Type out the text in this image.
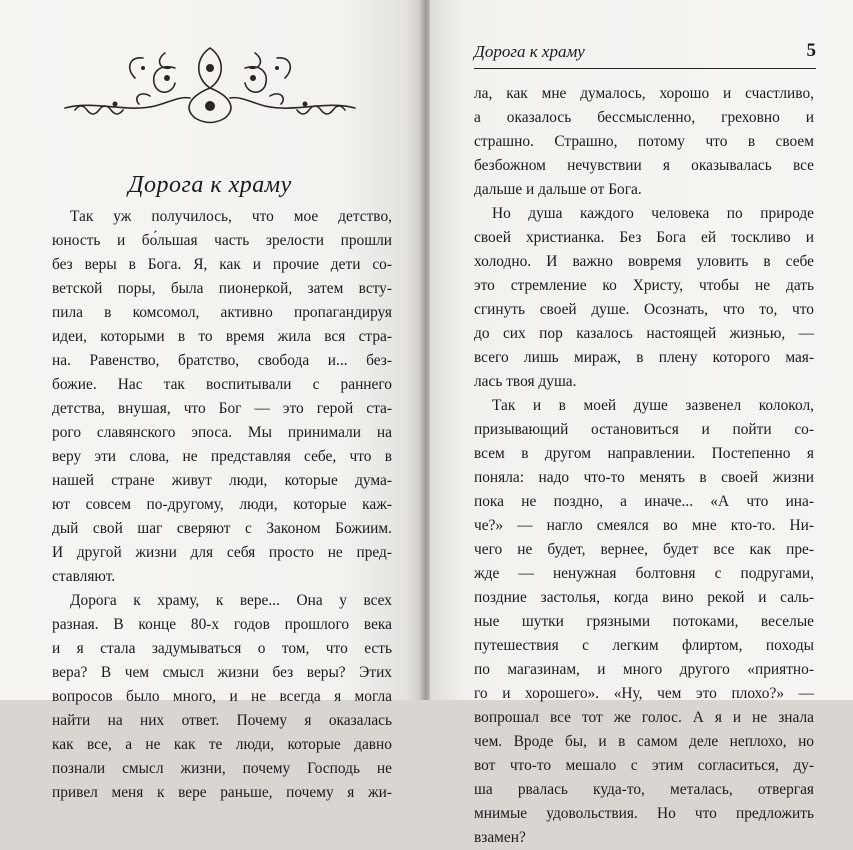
Дорога к храму
Так уж получилось, что мое детство,
юность и бо́льшая часть зрелости прошли
без веры в Бога. Я, как и прочие дети со-
ветской поры, была пионеркой, затем всту-
пила в комсомол, активно пропагандируя
идеи, которыми в то время жила вся стра-
на. Равенство, братство, свобода и... без-
божие. Нас так воспитывали с раннего
детства, внушая, что Бог — это герой ста-
рого славянского эпоса. Мы принимали на
веру эти слова, не представляя себе, что в
нашей стране живут люди, которые дума-
ют совсем по-другому, люди, которые каж-
дый свой шаг сверяют с Законом Божиим.
И другой жизни для себя просто не пред-
ставляют.
Дорога к храму, к вере... Она у всех
разная. В конце 80-х годов прошлого века
и я стала задумываться о том, что есть
вера? В чем смысл жизни без веры? Этих
вопросов было много, и не всегда я могла
найти на них ответ. Почему я оказалась
как все, а не как те люди, которые давно
познали смысл жизни, почему Господь не
привел меня к вере раньше, почему я жи-
Дорога к храму	5
ла, как мне думалось, хорошо и счастливо,
а оказалось бессмысленно, греховно и
страшно. Страшно, потому что в своем
безбожном нечувствии я оказывалась все
дальше и дальше от Бога.
Но душа каждого человека по природе
своей христианка. Без Бога ей тоскливо и
холодно. И важно вовремя уловить в себе
это стремление ко Христу, чтобы не дать
сгинуть своей душе. Осознать, что то, что
до сих пор казалось настоящей жизнью, —
всего лишь мираж, в плену которого мая-
лась твоя душа.
Так и в моей душе зазвенел колокол,
призывающий остановиться и пойти со-
всем в другом направлении. Постепенно я
поняла: надо что-то менять в своей жизни
пока не поздно, а иначе... «А что ина-
че?» — нагло смеялся во мне кто-то. Ни-
чего не будет, вернее, будет все как пре-
жде — ненужная болтовня с подругами,
поздние застолья, когда вино рекой и саль-
ные шутки грязными потоками, веселые
путешествия с легким флиртом, походы
по магазинам, и много другого «приятно-
го и хорошего». «Ну, чем это плохо?» —
вопрошал все тот же голос. А я и не знала
чем. Вроде бы, и в самом деле неплохо, но
вот что-то мешало с этим согласиться, ду-
ша рвалась куда-то, металась, отвергая
мнимые удовольствия. Но что предложить
взамен?
